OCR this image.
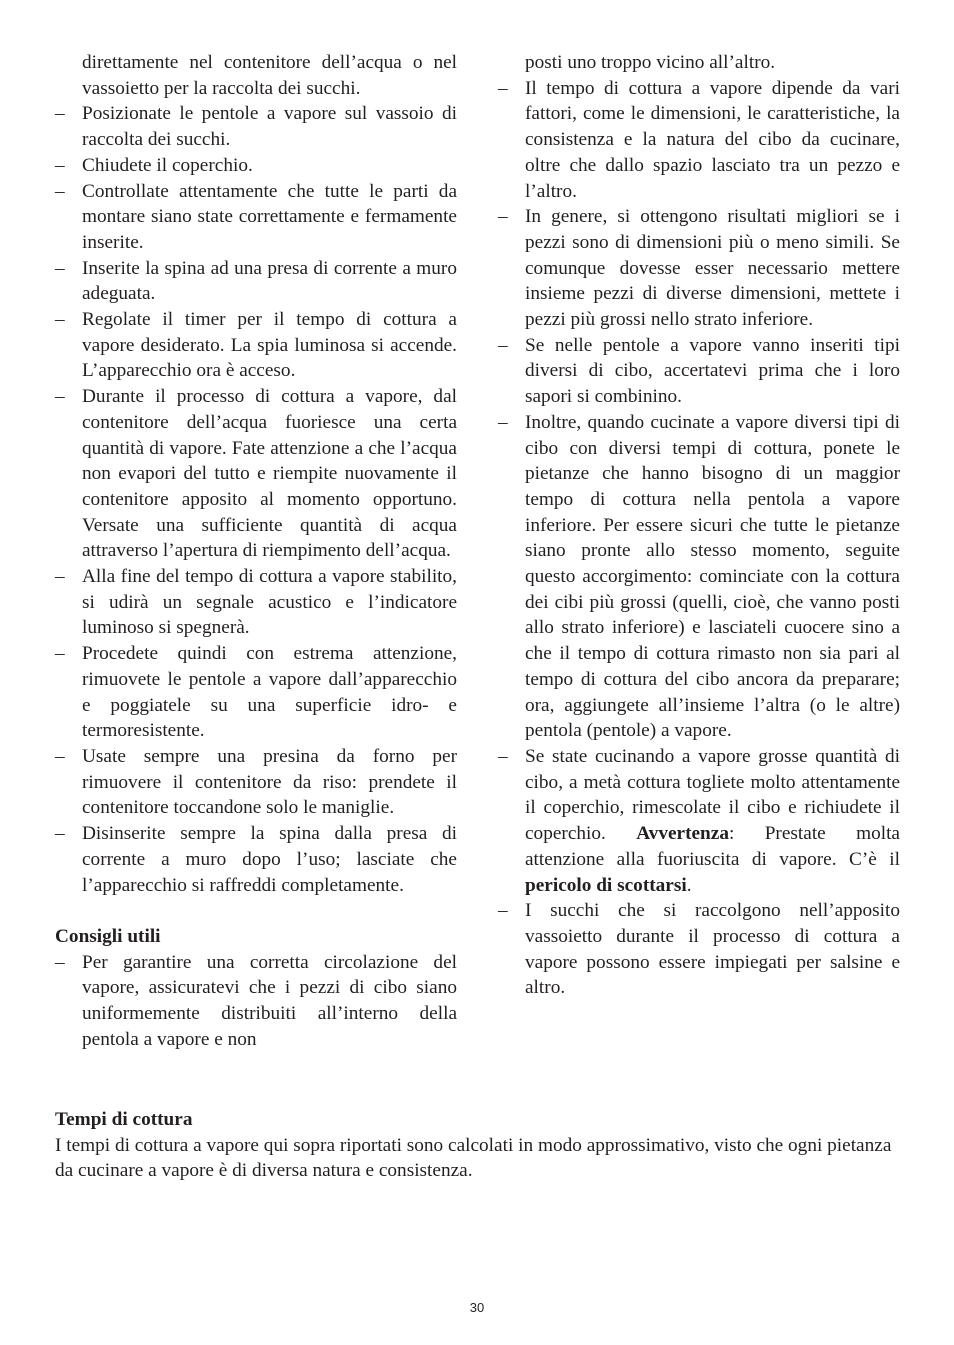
direttamente nel contenitore dell’acqua o nel vassoietto per la raccolta dei succhi.
– Posizionate le pentole a vapore sul vassoio di raccolta dei succhi.
– Chiudete il coperchio.
– Controllate attentamente che tutte le parti da montare siano state correttamente e fermamente inserite.
– Inserite la spina ad una presa di corrente a muro adeguata.
– Regolate il timer per il tempo di cottura a vapore desiderato. La spia luminosa si accende. L’apparecchio ora è acceso.
– Durante il processo di cottura a vapore, dal contenitore dell’acqua fuoriesce una certa quantità di vapore. Fate attenzione a che l’acqua non evapori del tutto e riempite nuovamente il contenitore apposito al momento opportuno. Versate una sufficiente quantità di acqua attraverso l’apertura di riempimento dell’acqua.
– Alla fine del tempo di cottura a vapore stabilito, si udirà un segnale acustico e l’indicatore luminoso si spegnerà.
– Procedete quindi con estrema attenzione, rimuovete le pentole a vapore dall’apparecchio e poggiatele su una superficie idro- e termoresistente.
– Usate sempre una presina da forno per rimuovere il contenitore da riso: prendete il contenitore toccandone solo le maniglie.
– Disinserite sempre la spina dalla presa di corrente a muro dopo l’uso; lasciate che l’apparecchio si raffreddi completamente.
Consigli utili
– Per garantire una corretta circolazione del vapore, assicuratevi che i pezzi di cibo siano uniformemente distribuiti all’interno della pentola a vapore e non
posti uno troppo vicino all’altro.
– Il tempo di cottura a vapore dipende da vari fattori, come le dimensioni, le caratteristiche, la consistenza e la natura del cibo da cucinare, oltre che dallo spazio lasciato tra un pezzo e l’altro.
– In genere, si ottengono risultati migliori se i pezzi sono di dimensioni più o meno simili. Se comunque dovesse esser necessario mettere insieme pezzi di diverse dimensioni, mettete i pezzi più grossi nello strato inferiore.
– Se nelle pentole a vapore vanno inseriti tipi diversi di cibo, accertatevi prima che i loro sapori si combinino.
– Inoltre, quando cucinate a vapore diversi tipi di cibo con diversi tempi di cottura, ponete le pietanze che hanno bisogno di un maggior tempo di cottura nella pentola a vapore inferiore. Per essere sicuri che tutte le pietanze siano pronte allo stesso momento, seguite questo accorgimento: cominciate con la cottura dei cibi più grossi (quelli, cioè, che vanno posti allo strato inferiore) e lasciateli cuocere sino a che il tempo di cottura rimasto non sia pari al tempo di cottura del cibo ancora da preparare; ora, aggiungete all’insieme l’altra (o le altre) pentola (pentole) a vapore.
– Se state cucinando a vapore grosse quantità di cibo, a metà cottura togliete molto attentamente il coperchio, rimescolate il cibo e richiudete il coperchio. Avvertenza: Prestate molta attenzione alla fuoriuscita di vapore. C’è il pericolo di scottarsi.
– I succhi che si raccolgono nell’apposito vassoietto durante il processo di cottura a vapore possono essere impiegati per salsine e altro.
Tempi di cottura
I tempi di cottura a vapore qui sopra riportati sono calcolati in modo approssimativo, visto che ogni pietanza da cucinare a vapore è di diversa natura e consistenza.
30
